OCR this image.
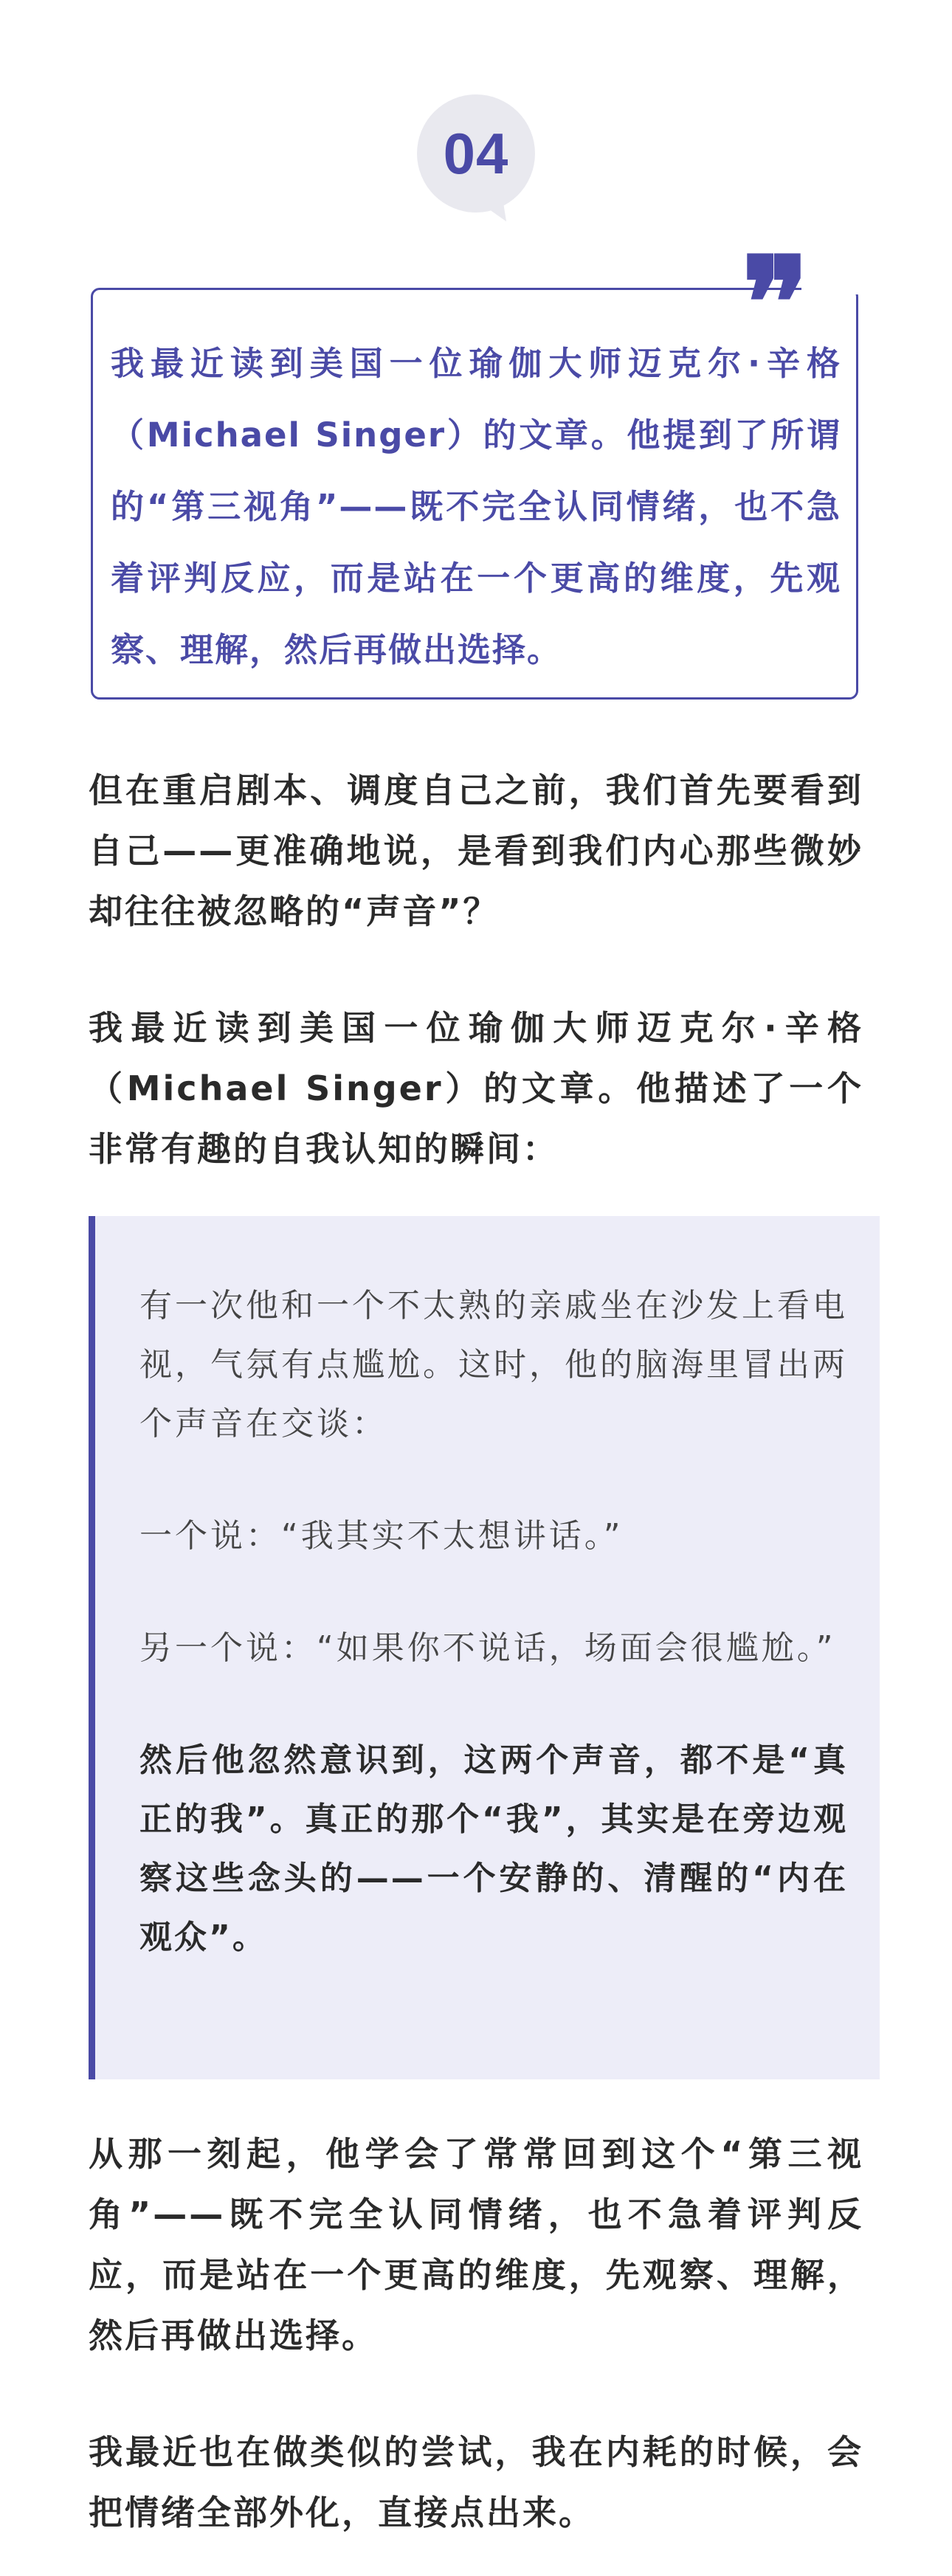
04
❞
我最近读到美国一位瑜伽大师迈克尔·辛格（Michael Singer）的文章。他提到了所谓的“第三视角”——既不完全认同情绪，也不急着评判反应，而是站在一个更高的维度，先观察、理解，然后再做出选择。
但在重启剧本、调度自己之前，我们首先要看到自己——更准确地说，是看到我们内心那些微妙却往往被忽略的“声音”？
我最近读到美国一位瑜伽大师迈克尔·辛格（Michael Singer）的文章。他描述了一个非常有趣的自我认知的瞬间：

有一次他和一个不太熟的亲戚坐在沙发上看电视，气氛有点尴尬。这时，他的脑海里冒出两个声音在交谈：

一个说：“我其实不太想讲话。”

另一个说：“如果你不说话，场面会很尴尬。”

然后他忽然意识到，这两个声音，都不是“真正的我”。真正的那个“我”，其实是在旁边观察这些念头的——一个安静的、清醒的“内在观众”。

从那一刻起，他学会了常常回到这个“第三视角”——既不完全认同情绪，也不急着评判反应，而是站在一个更高的维度，先观察、理解，然后再做出选择。
我最近也在做类似的尝试，我在内耗的时候，会把情绪全部外化，直接点出来。
